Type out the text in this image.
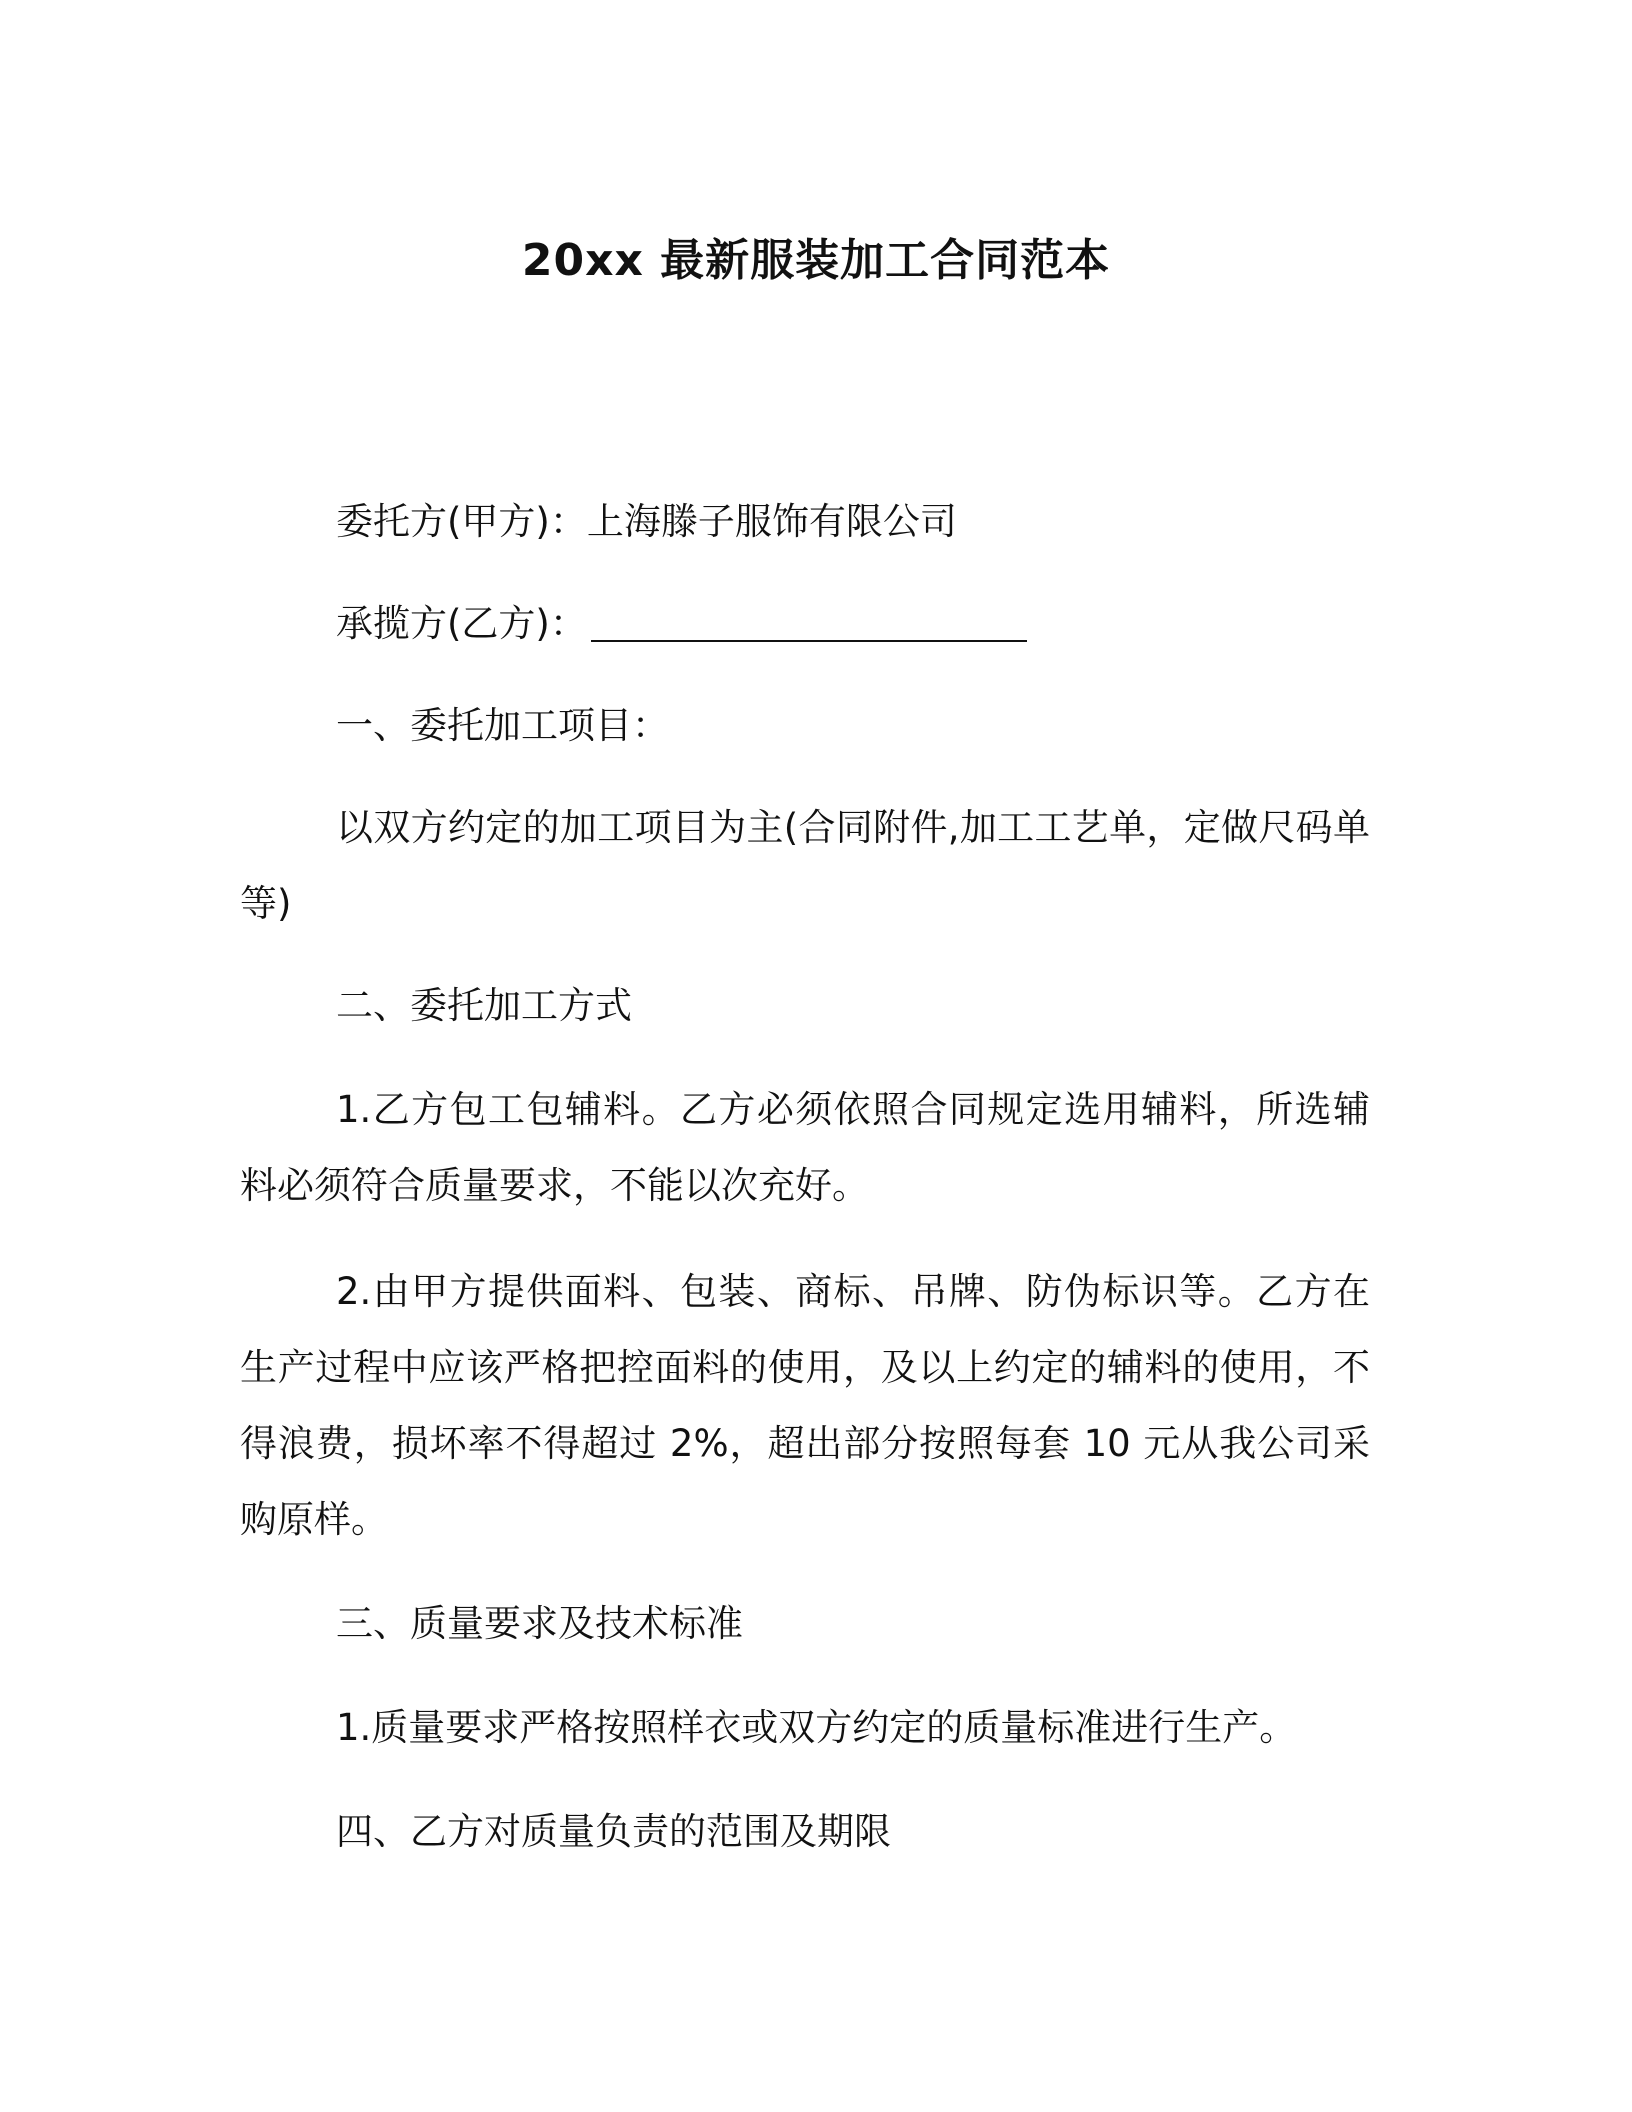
20xx 最新服装加工合同范本

委托方(甲方)：上海滕子服饰有限公司

承揽方(乙方)：

一、委托加工项目：

以双方约定的加工项目为主(合同附件,加工工艺单，定做尺码单等)

二、委托加工方式

1.乙方包工包辅料。乙方必须依照合同规定选用辅料，所选辅料必须符合质量要求，不能以次充好。

2.由甲方提供面料、包装、商标、吊牌、防伪标识等。乙方在生产过程中应该严格把控面料的使用，及以上约定的辅料的使用，不得浪费，损坏率不得超过 2%，超出部分按照每套 10 元从我公司采购原样。

三、质量要求及技术标准

1.质量要求严格按照样衣或双方约定的质量标准进行生产。

四、乙方对质量负责的范围及期限
